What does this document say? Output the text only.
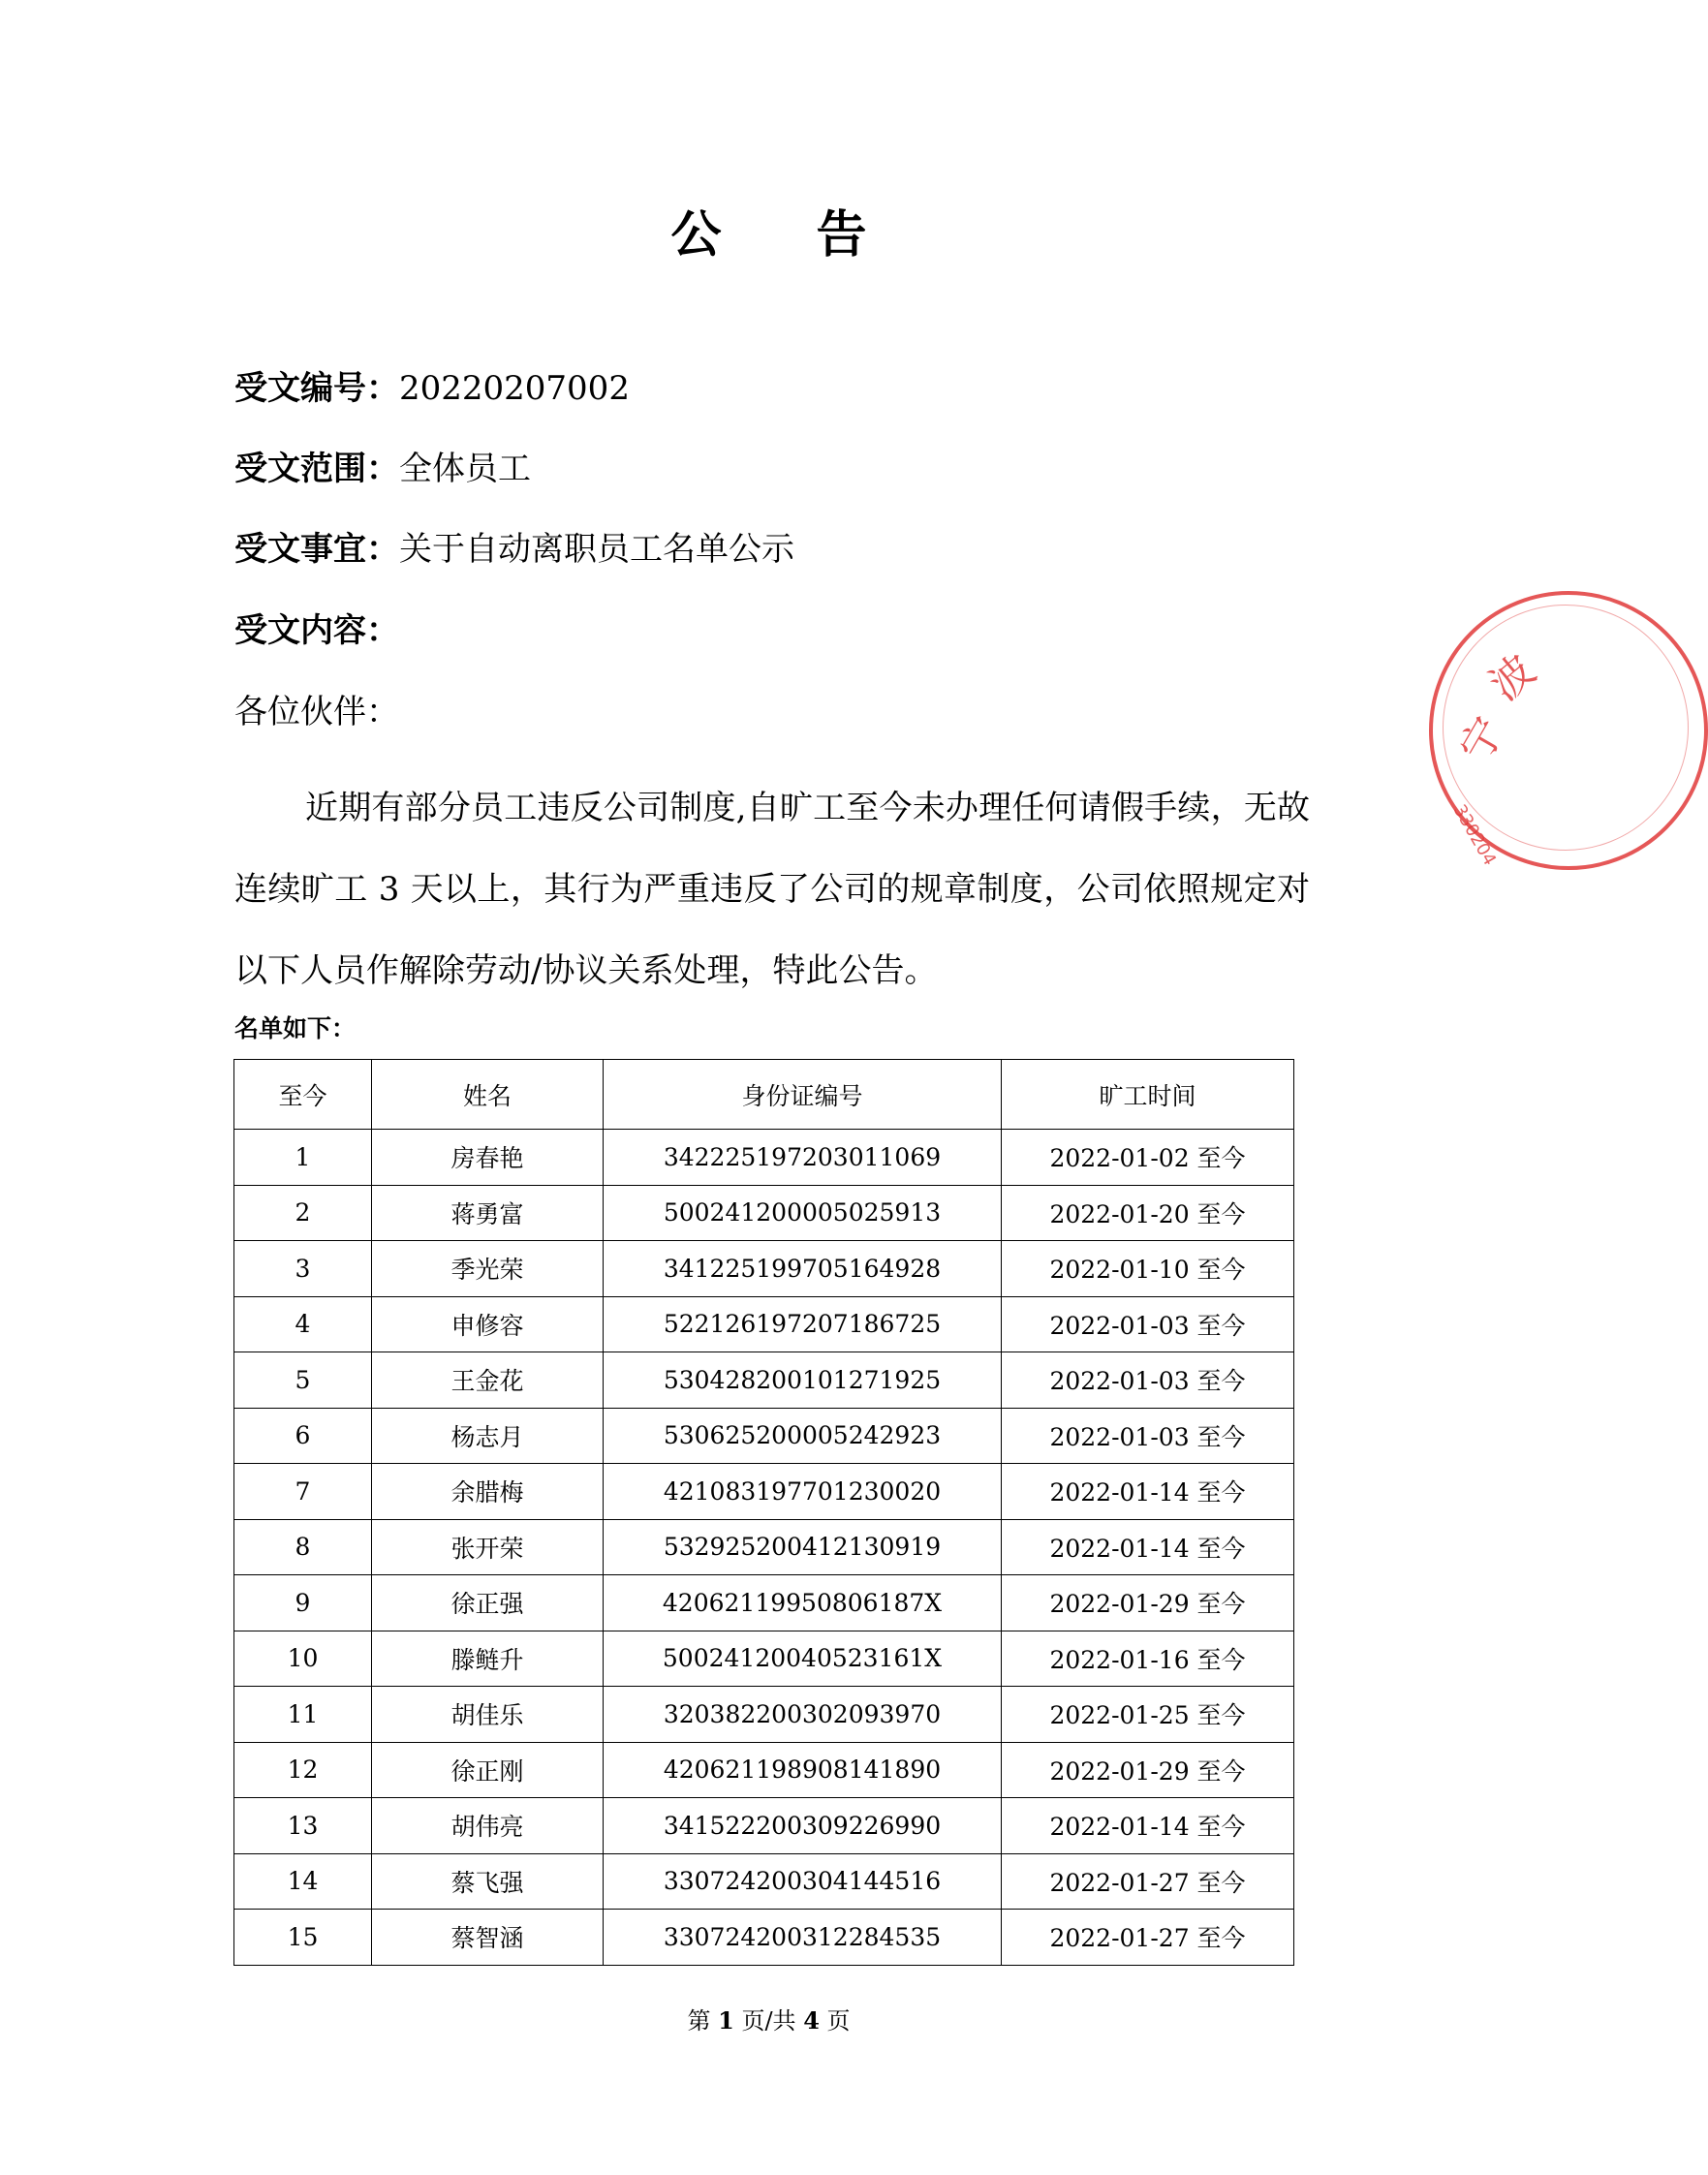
公 告
受文编号：20220207002
受文范围：全体员工
受文事宜：关于自动离职员工名单公示
受文内容：
各位伙伴：
近期有部分员工违反公司制度,自旷工至今未办理任何请假手续，无故连续旷工 3 天以上，其行为严重违反了公司的规章制度，公司依照规定对以下人员作解除劳动/协议关系处理，特此公告。
名单如下：
至今	姓名	身份证编号	旷工时间
1	房春艳	342225197203011069	2022-01-02 至今
2	蒋勇富	500241200005025913	2022-01-20 至今
3	季光荣	341225199705164928	2022-01-10 至今
4	申修容	522126197207186725	2022-01-03 至今
5	王金花	530428200101271925	2022-01-03 至今
6	杨志月	530625200005242923	2022-01-03 至今
7	余腊梅	421083197701230020	2022-01-14 至今
8	张开荣	532925200412130919	2022-01-14 至今
9	徐正强	42062119950806187X	2022-01-29 至今
10	滕鲢升	50024120040523161X	2022-01-16 至今
11	胡佳乐	320382200302093970	2022-01-25 至今
12	徐正刚	420621198908141890	2022-01-29 至今
13	胡伟亮	341522200309226990	2022-01-14 至今
14	蔡飞强	330724200304144516	2022-01-27 至今
15	蔡智涵	330724200312284535	2022-01-27 至今
第 1 页/共 4 页
宁
波
330204
